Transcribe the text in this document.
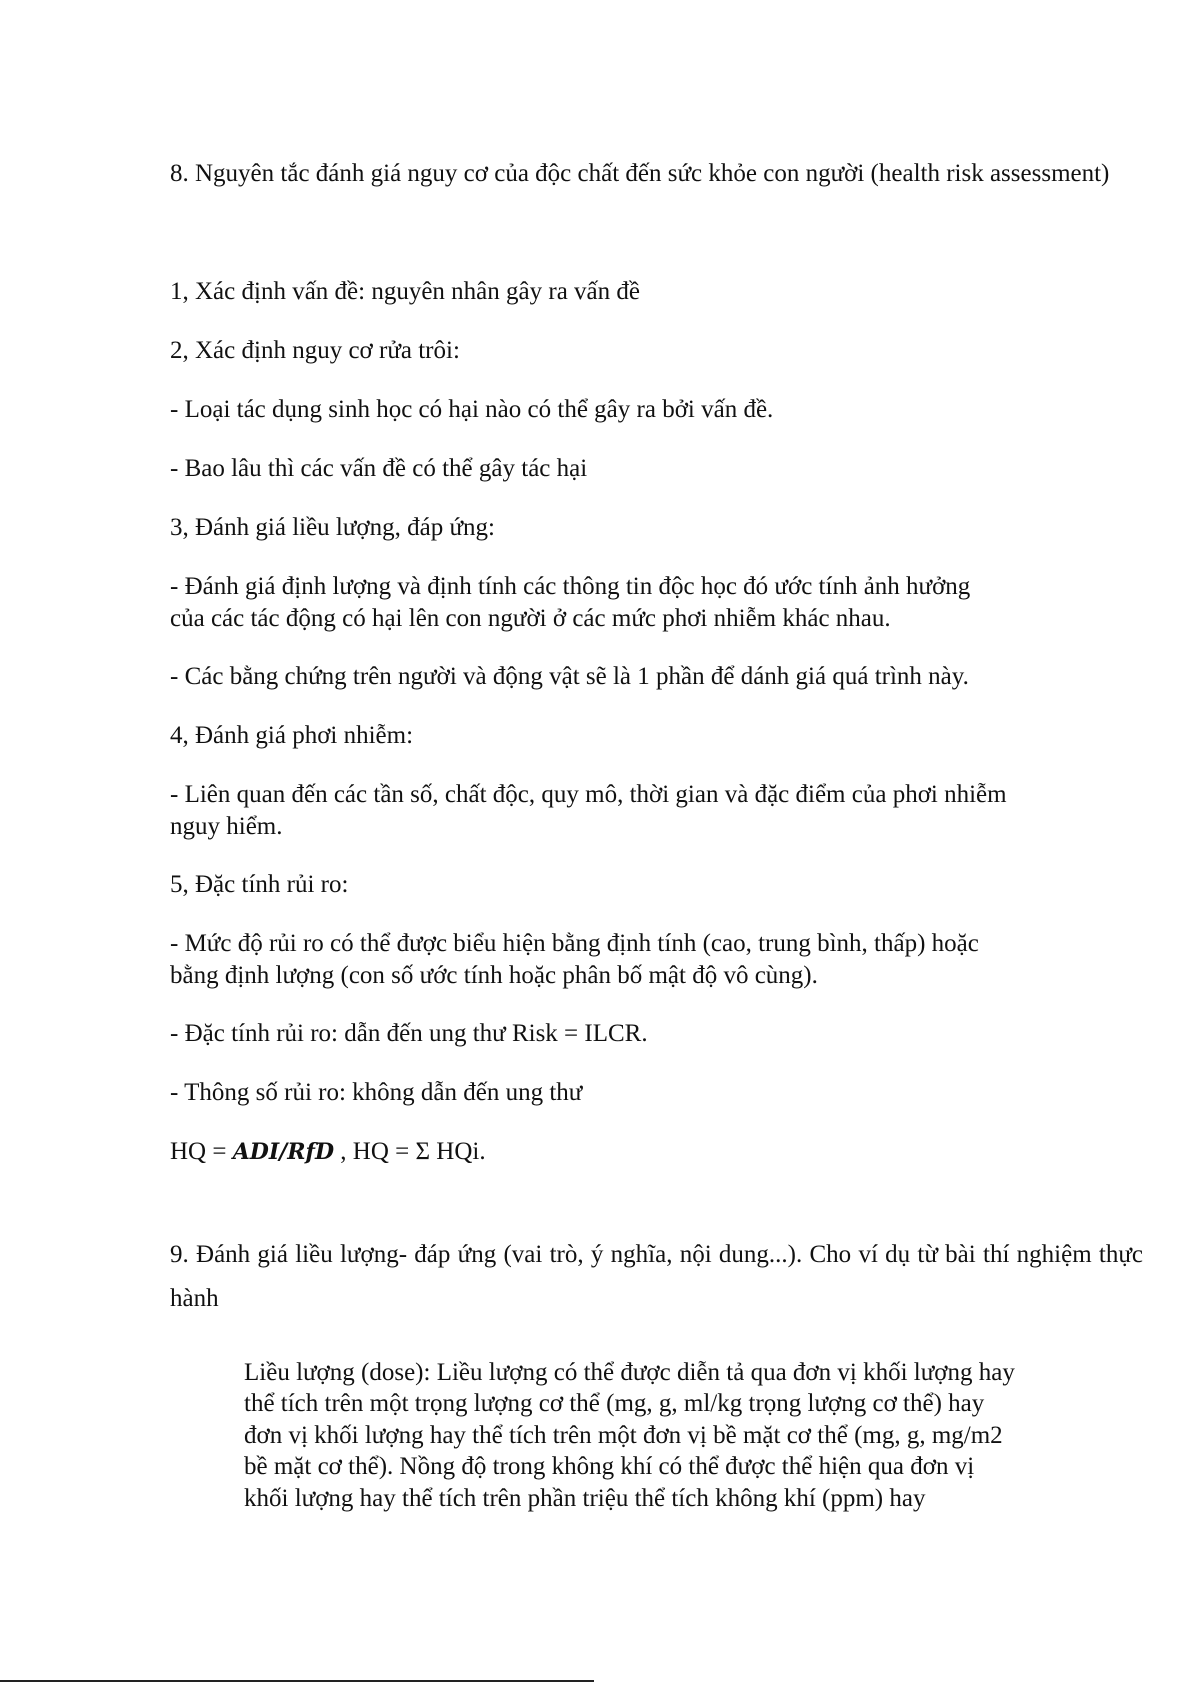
8. Nguyên tắc đánh giá nguy cơ của độc chất đến sức khỏe con người (health risk assessment)
1, Xác định vấn đề: nguyên nhân gây ra vấn đề
2, Xác định nguy cơ rửa trôi:
- Loại tác dụng sinh học có hại nào có thể gây ra bởi vấn đề.
- Bao lâu thì các vấn đề có thể gây tác hại
3, Đánh giá liều lượng, đáp ứng:
- Đánh giá định lượng và định tính các thông tin độc học đó ước tính ảnh hưởng
của các tác động có hại lên con người ở các mức phơi nhiễm khác nhau.
- Các bằng chứng trên người và động vật sẽ là 1 phần để dánh giá quá trình này.
4, Đánh giá phơi nhiễm:
- Liên quan đến các tần số, chất độc, quy mô, thời gian và đặc điểm của phơi nhiễm
nguy hiểm.
5, Đặc tính rủi ro:
- Mức độ rủi ro có thể được biểu hiện bằng định tính (cao, trung bình, thấp) hoặc
bằng định lượng (con số ước tính hoặc phân bố mật độ vô cùng).
- Đặc tính rủi ro: dẫn đến ung thư Risk = ILCR.
- Thông số rủi ro: không dẫn đến ung thư
HQ = ADI/RfD , HQ = Σ HQi.
9. Đánh giá liều lượng- đáp ứng (vai trò, ý nghĩa, nội dung...). Cho ví dụ từ bài thí nghiệm thực hành
Liều lượng (dose): Liều lượng có thể được diễn tả qua đơn vị khối lượng hay
thể tích trên một trọng lượng cơ thể (mg, g, ml/kg trọng lượng cơ thể) hay
đơn vị khối lượng hay thể tích trên một đơn vị bề mặt cơ thể (mg, g, mg/m2
bề mặt cơ thể). Nồng độ trong không khí có thể được thể hiện qua đơn vị
khối lượng hay thể tích trên phần triệu thể tích không khí (ppm) hay
